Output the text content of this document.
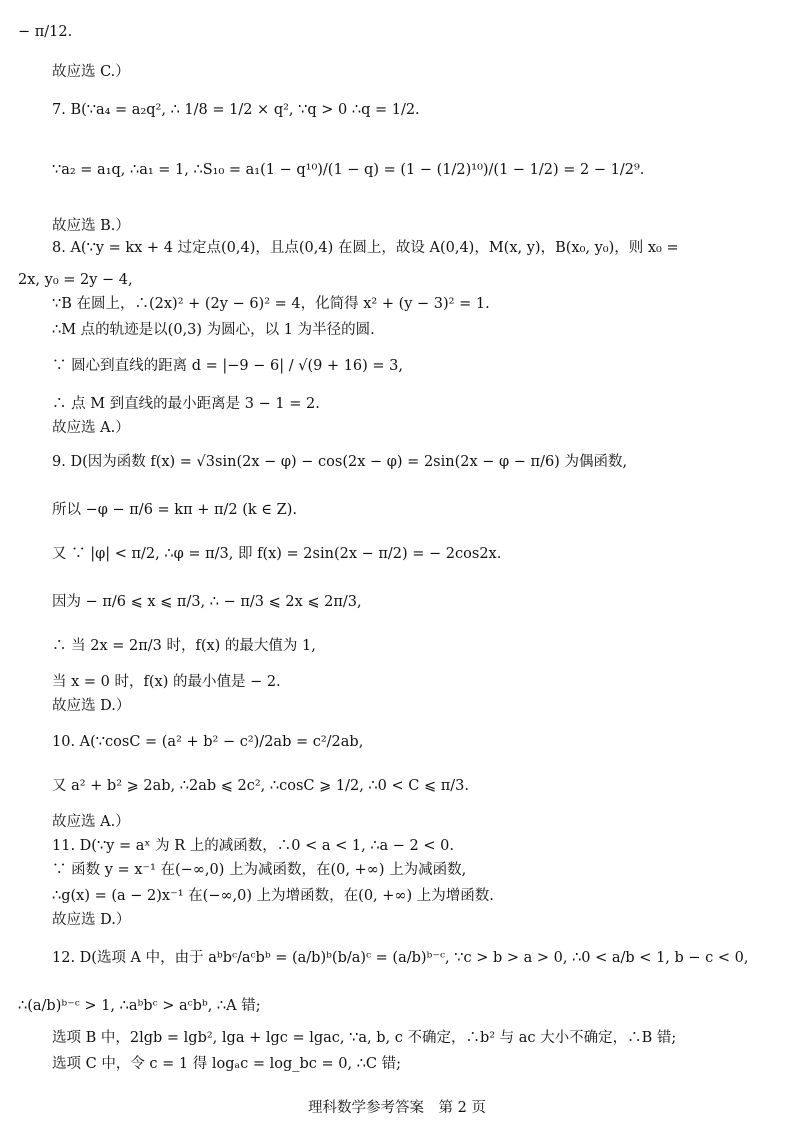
− π/12.
故应选 C.）
7. B(∵a₄ = a₂q², ∴ 1/8 = 1/2 × q², ∵q > 0 ∴q = 1/2.
∵a₂ = a₁q, ∴a₁ = 1, ∴S₁₀ = a₁(1 − q¹⁰)/(1 − q) = (1 − (1/2)¹⁰)/(1 − 1/2) = 2 − 1/2⁹.
故应选 B.）
8. A(∵y = kx + 4 过定点(0,4)，且点(0,4) 在圆上，故设 A(0,4)，M(x, y)，B(x₀, y₀)，则 x₀ =
2x, y₀ = 2y − 4,
∵B 在圆上，∴(2x)² + (2y − 6)² = 4，化简得 x² + (y − 3)² = 1.
∴M 点的轨迹是以(0,3) 为圆心，以 1 为半径的圆.
∵ 圆心到直线的距离 d = |−9 − 6| / √(9 + 16) = 3,
∴ 点 M 到直线的最小距离是 3 − 1 = 2.
故应选 A.）
9. D(因为函数 f(x) = √3sin(2x − φ) − cos(2x − φ) = 2sin(2x − φ − π/6) 为偶函数,
所以 −φ − π/6 = kπ + π/2 (k ∈ Z).
又 ∵ |φ| < π/2, ∴φ = π/3, 即 f(x) = 2sin(2x − π/2) = − 2cos2x.
因为 − π/6 ⩽ x ⩽ π/3, ∴ − π/3 ⩽ 2x ⩽ 2π/3,
∴ 当 2x = 2π/3 时，f(x) 的最大值为 1,
当 x = 0 时，f(x) 的最小值是 − 2.
故应选 D.）
10. A(∵cosC = (a² + b² − c²)/2ab = c²/2ab,
又 a² + b² ⩾ 2ab, ∴2ab ⩽ 2c², ∴cosC ⩾ 1/2, ∴0 < C ⩽ π/3.
故应选 A.）
11. D(∵y = aˣ 为 R 上的减函数，∴0 < a < 1, ∴a − 2 < 0.
∵ 函数 y = x⁻¹ 在(−∞,0) 上为减函数，在(0, +∞) 上为减函数,
∴g(x) = (a − 2)x⁻¹ 在(−∞,0) 上为增函数，在(0, +∞) 上为增函数.
故应选 D.）
12. D(选项 A 中，由于 aᵇbᶜ/aᶜbᵇ = (a/b)ᵇ(b/a)ᶜ = (a/b)ᵇ⁻ᶜ, ∵c > b > a > 0, ∴0 < a/b < 1, b − c < 0,
∴(a/b)ᵇ⁻ᶜ > 1, ∴aᵇbᶜ > aᶜbᵇ, ∴A 错;
选项 B 中，2lgb = lgb², lga + lgc = lgac, ∵a, b, c 不确定，∴b² 与 ac 大小不确定，∴B 错;
选项 C 中，令 c = 1 得 logₐc = log_bc = 0, ∴C 错;
理科数学参考答案　第 2 页
